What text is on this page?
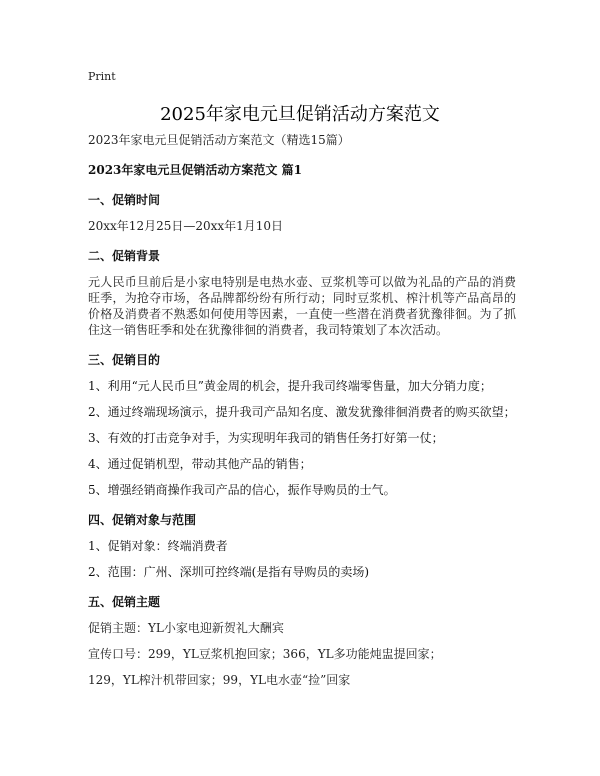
Print
2025年家电元旦促销活动方案范文
2023年家电元旦促销活动方案范文（精选15篇）
2023年家电元旦促销活动方案范文 篇1
一、促销时间
20xx年12月25日—20xx年1月10日
二、促销背景
元人民币旦前后是小家电特别是电热水壶、豆浆机等可以做为礼品的产品的消费旺季，为抢夺市场，各品牌都纷纷有所行动；同时豆浆机、榨汁机等产品高昂的价格及消费者不熟悉如何使用等因素，一直使一些潜在消费者犹豫徘徊。为了抓住这一销售旺季和处在犹豫徘徊的消费者，我司特策划了本次活动。
三、促销目的
1、利用“元人民币旦”黄金周的机会，提升我司终端零售量，加大分销力度；
2、通过终端现场演示，提升我司产品知名度、激发犹豫徘徊消费者的购买欲望；
3、有效的打击竞争对手，为实现明年我司的销售任务打好第一仗；
4、通过促销机型，带动其他产品的销售；
5、增强经销商操作我司产品的信心，振作导购员的士气。
四、促销对象与范围
1、促销对象：终端消费者
2、范围：广州、深圳可控终端(是指有导购员的卖场)
五、促销主题
促销主题：YL小家电迎新贺礼大酬宾
宣传口号：299，YL豆浆机抱回家；366，YL多功能炖盅提回家；
129，YL榨汁机带回家；99，YL电水壶“捡”回家
